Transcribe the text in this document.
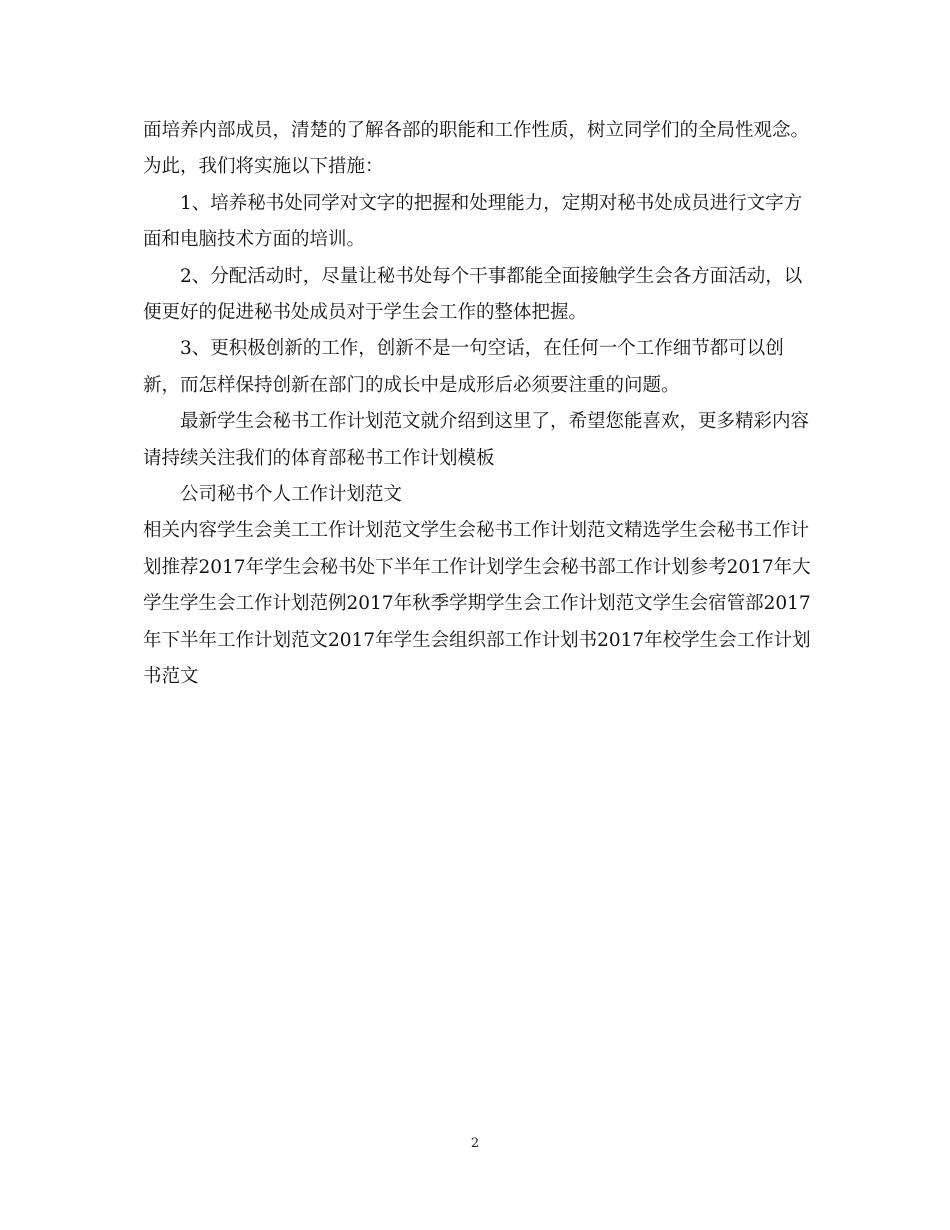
面培养内部成员，清楚的了解各部的职能和工作性质，树立同学们的全局性观念。为此，我们将实施以下措施：

1、培养秘书处同学对文字的把握和处理能力，定期对秘书处成员进行文字方面和电脑技术方面的培训。

2、分配活动时，尽量让秘书处每个干事都能全面接触学生会各方面活动，以便更好的促进秘书处成员对于学生会工作的整体把握。

3、更积极创新的工作，创新不是一句空话，在任何一个工作细节都可以创新，而怎样保持创新在部门的成长中是成形后必须要注重的问题。

最新学生会秘书工作计划范文就介绍到这里了，希望您能喜欢，更多精彩内容请持续关注我们的体育部秘书工作计划模板

公司秘书个人工作计划范文

相关内容学生会美工工作计划范文学生会秘书工作计划范文精选学生会秘书工作计划推荐2017年学生会秘书处下半年工作计划学生会秘书部工作计划参考2017年大学生学生会工作计划范例2017年秋季学期学生会工作计划范文学生会宿管部2017年下半年工作计划范文2017年学生会组织部工作计划书2017年校学生会工作计划书范文

2
